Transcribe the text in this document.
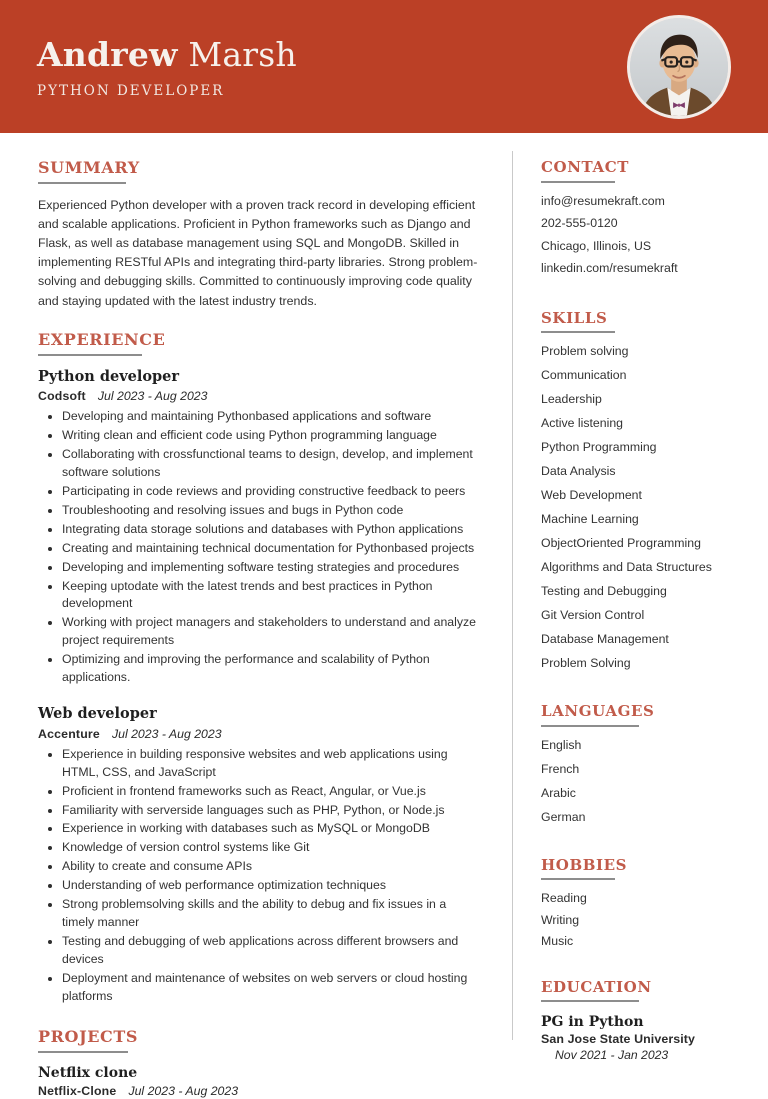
Andrew Marsh
PYTHON DEVELOPER
SUMMARY

Experienced Python developer with a proven track record in developing efficient and scalable applications. Proficient in Python frameworks such as Django and Flask, as well as database management using SQL and MongoDB. Skilled in implementing RESTful APIs and integrating third-party libraries. Strong problem-solving and debugging skills. Committed to continuously improving code quality and staying updated with the latest industry trends.

EXPERIENCE
Python developer
Codsoft Jul 2023 - Aug 2023
Developing and maintaining Pythonbased applications and software
Writing clean and efficient code using Python programming language
Collaborating with crossfunctional teams to design, develop, and implement software solutions
Participating in code reviews and providing constructive feedback to peers
Troubleshooting and resolving issues and bugs in Python code
Integrating data storage solutions and databases with Python applications
Creating and maintaining technical documentation for Pythonbased projects
Developing and implementing software testing strategies and procedures
Keeping uptodate with the latest trends and best practices in Python development
Working with project managers and stakeholders to understand and analyze project requirements
Optimizing and improving the performance and scalability of Python applications.
Web developer
Accenture Jul 2023 - Aug 2023
Experience in building responsive websites and web applications using HTML, CSS, and JavaScript
Proficient in frontend frameworks such as React, Angular, or Vue.js
Familiarity with serverside languages such as PHP, Python, or Node.js
Experience in working with databases such as MySQL or MongoDB
Knowledge of version control systems like Git
Ability to create and consume APIs
Understanding of web performance optimization techniques
Strong problemsolving skills and the ability to debug and fix issues in a timely manner
Testing and debugging of web applications across different browsers and devices
Deployment and maintenance of websites on web servers or cloud hosting platforms
PROJECTS
Netflix clone
Netflix-Clone Jul 2023 - Aug 2023
CONTACT
info@resumekraft.com
202-555-0120
Chicago, Illinois, US
linkedin.com/resumekraft
SKILLS
Problem solving
Communication
Leadership
Active listening
Python Programming
Data Analysis
Web Development
Machine Learning
ObjectOriented Programming
Algorithms and Data Structures
Testing and Debugging
Git Version Control
Database Management
Problem Solving
LANGUAGES
English
French
Arabic
German
HOBBIES
Reading
Writing
Music
EDUCATION
PG in Python
San Jose State University
Nov 2021 - Jan 2023
